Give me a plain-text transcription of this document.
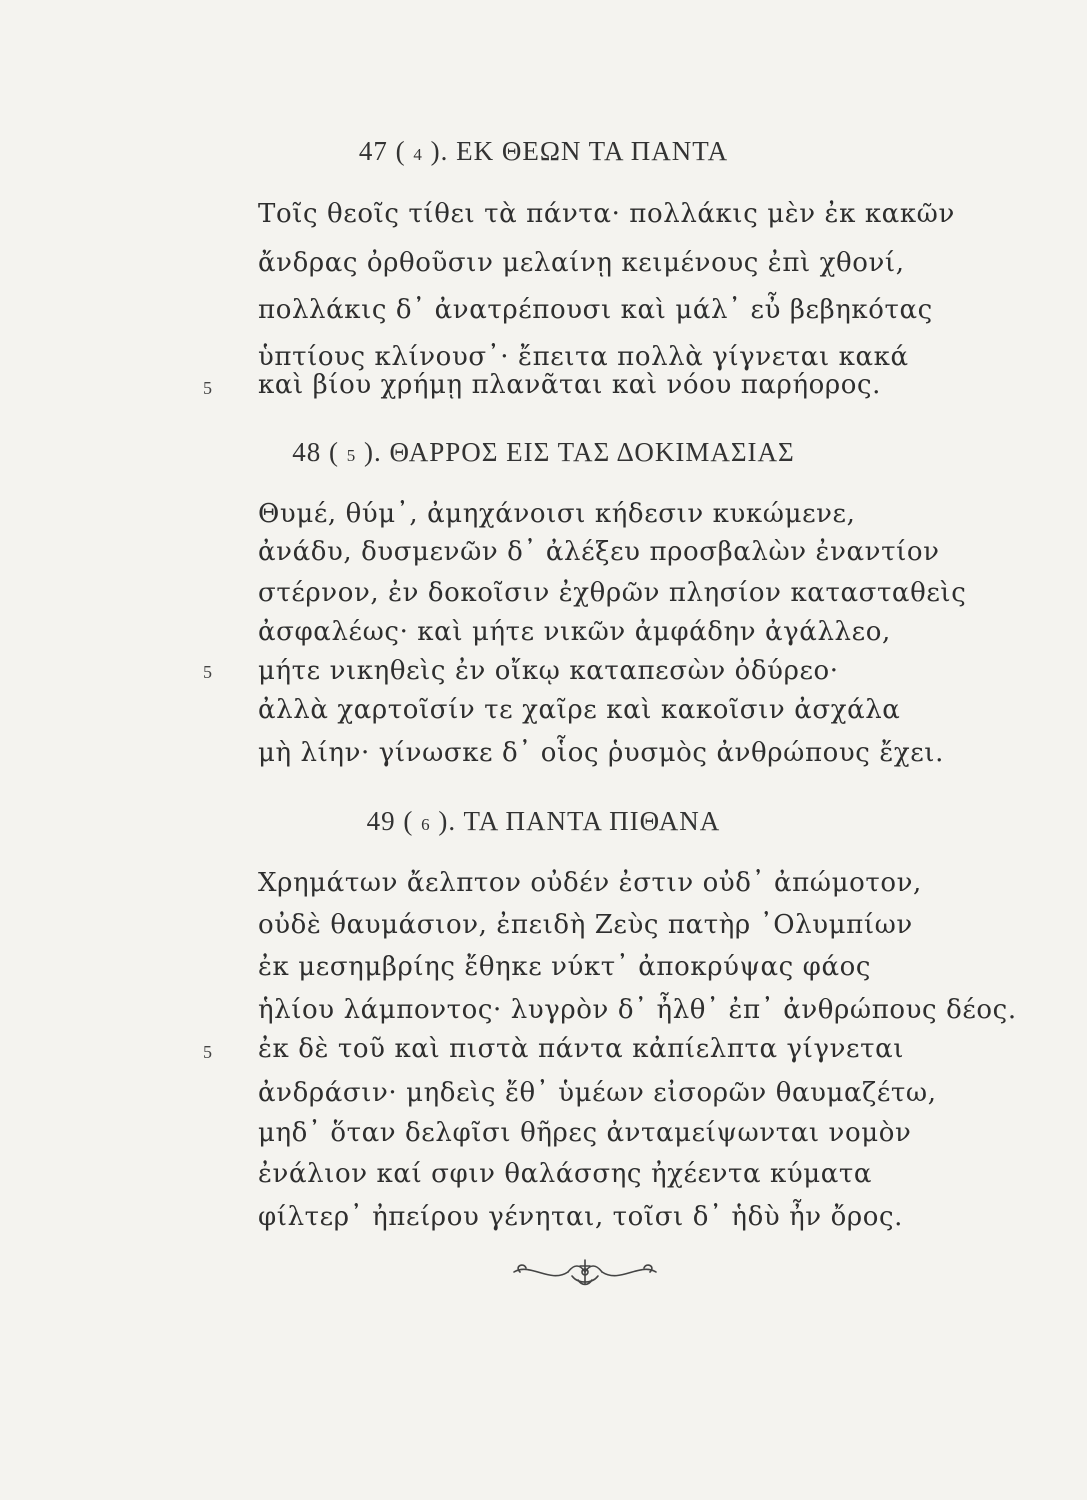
47 ( 4 ). ΕΚ ΘΕΩΝ ΤΑ ΠΑΝΤΑ
Τοῖς θεοῖς τίθει τὰ πάντα· πολλάκις μὲν ἐκ κακῶν
ἄνδρας ὀρθοῦσιν μελαίνῃ κειμένους ἐπὶ χθονί,
πολλάκις δ᾽ ἀνατρέπουσι καὶ μάλ᾽ εὖ βεβηκότας
ὑπτίους κλίνουσ᾽· ἔπειτα πολλὰ γίγνεται κακά
5 καὶ βίου χρήμῃ πλανᾶται καὶ νόου παρήορος.
48 ( 5 ). ΘΑΡΡΟΣ ΕΙΣ ΤΑΣ ΔΟΚΙΜΑΣΙΑΣ
Θυμέ, θύμ᾽, ἀμηχάνοισι κήδεσιν κυκώμενε,
ἀνάδυ, δυσμενῶν δ᾽ ἀλέξευ προσβαλὼν ἐναντίον
στέρνον, ἐν δοκοῖσιν ἐχθρῶν πλησίον κατασταθεὶς
ἀσφαλέως· καὶ μήτε νικῶν ἀμφάδην ἀγάλλεο,
5 μήτε νικηθεὶς ἐν οἴκῳ καταπεσὼν ὀδύρεο·
ἀλλὰ χαρτοῖσίν τε χαῖρε καὶ κακοῖσιν ἀσχάλα
μὴ λίην· γίνωσκε δ᾽ οἷος ῥυσμὸς ἀνθρώπους ἔχει.
49 ( 6 ). ΤΑ ΠΑΝΤΑ ΠΙΘΑΝΑ
Χρημάτων ἄελπτον οὐδέν ἐστιν οὐδ᾽ ἀπώμοτον,
οὐδὲ θαυμάσιον, ἐπειδὴ Ζεὺς πατὴρ ᾽Ολυμπίων
ἐκ μεσημβρίης ἔθηκε νύκτ᾽ ἀποκρύψας φάος
ἡλίου λάμποντος· λυγρὸν δ᾽ ἦλθ᾽ ἐπ᾽ ἀνθρώπους δέος.
5 ἐκ δὲ τοῦ καὶ πιστὰ πάντα κἀπίελπτα γίγνεται
ἀνδράσιν· μηδεὶς ἔθ᾽ ὑμέων εἰσορῶν θαυμαζέτω,
μηδ᾽ ὅταν δελφῖσι θῆρες ἀνταμείψωνται νομὸν
ἐνάλιον καί σφιν θαλάσσης ἠχέεντα κύματα
φίλτερ᾽ ἠπείρου γένηται, τοῖσι δ᾽ ἡδὺ ἦν ὄρος.
